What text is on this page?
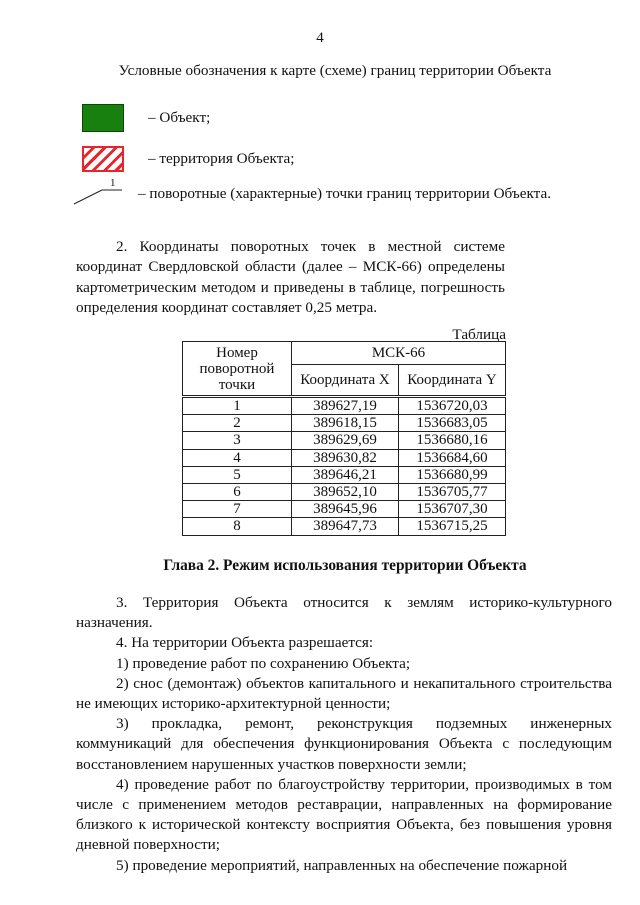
4
Условные обозначения к карте (схеме) границ территории Объекта
– Объект;
– территория Объекта;
1
– поворотные (характерные) точки границ территории Объекта.

2. Координаты поворотных точек в местной системе координат Свердловской области (далее – МСК-66) определены картометрическим методом и приведены в таблице, погрешность определения координат составляет 0,25 метра.

Таблица
Номер поворотной точки	МСК-66	
	Координата X	Координата Y
1	389627,19	1536720,03
2	389618,15	1536683,05
3	389629,69	1536680,16
4	389630,82	1536684,60
5	389646,21	1536680,99
6	389652,10	1536705,77
7	389645,96	1536707,30
8	389647,73	1536715,25
Глава 2. Режим использования территории Объекта

3. Территория Объекта относится к землям историко-культурного назначения.

4. На территории Объекта разрешается:

1) проведение работ по сохранению Объекта;

2) снос (демонтаж) объектов капитального и некапитального строительства не имеющих историко-архитектурной ценности;

3) прокладка, ремонт, реконструкция подземных инженерных коммуникаций для обеспечения функционирования Объекта с последующим восстановлением нарушенных участков поверхности земли;

4) проведение работ по благоустройству территории, производимых в том числе с применением методов реставрации, направленных на формирование близкого к исторической контексту восприятия Объекта, без повышения уровня дневной поверхности;

5) проведение мероприятий, направленных на обеспечение пожарной
